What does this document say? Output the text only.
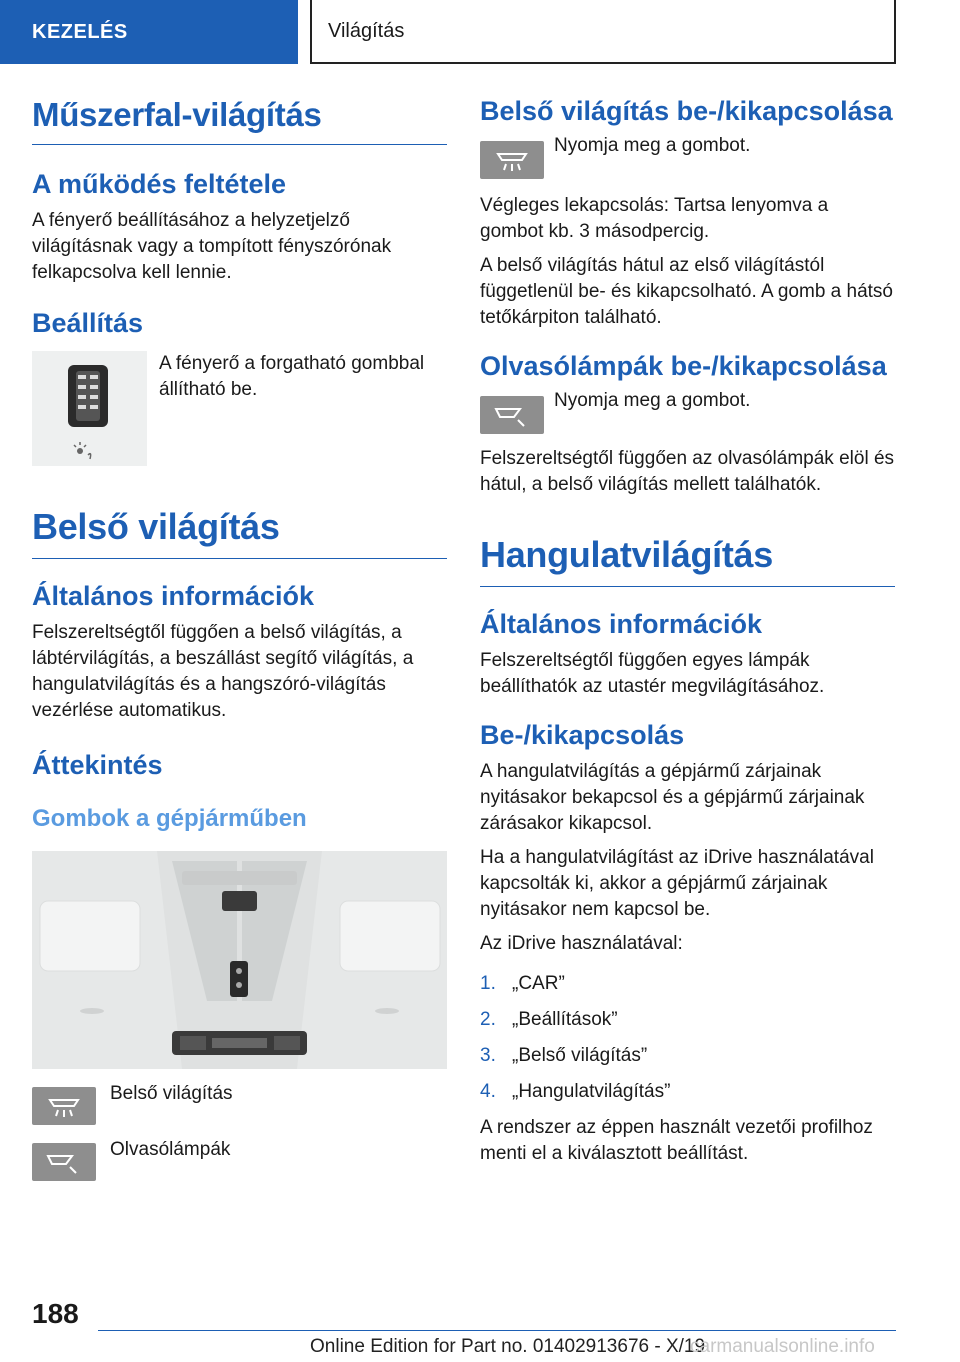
KEZELÉS	Világítás
Műszerfal-világítás
A működés feltétele

A fényerő beállításához a helyzetjelző világításnak vagy a tompított fényszórónak felkapcsolva kell lennie.

Beállítás
A fényerő a forgatható gombbal állítható be.
Belső világítás
Általános információk

Felszereltségtől függően a belső világítás, a lábtérvilágítás, a beszállást segítő világítás, a hangulatvilágítás és a hangszóró-világítás vezérlése automatikus.

Áttekintés
Gombok a gépjárműben
Belső világítás
Olvasólámpák
Belső világítás be-/kikapcsolása
Nyomja meg a gombot.

Végleges lekapcsolás: Tartsa lenyomva a gombot kb. 3 másodpercig.

A belső világítás hátul az első világítástól függetlenül be- és kikapcsolható. A gomb a hátsó tetőkárpiton található.

Olvasólámpák be-/kikapcsolása
Nyomja meg a gombot.

Felszereltségtől függően az olvasólámpák elöl és hátul, a belső világítás mellett találhatók.

Hangulatvilágítás
Általános információk

Felszereltségtől függően egyes lámpák beállíthatók az utastér megvilágításához.

Be-/kikapcsolás

A hangulatvilágítás a gépjármű zárjainak nyitásakor bekapcsol és a gépjármű zárjainak zárásakor kikapcsol.

Ha a hangulatvilágítást az iDrive használatával kapcsolták ki, akkor a gépjármű zárjainak nyitásakor nem kapcsol be.

Az iDrive használatával:

1. „CAR”
2. „Beállítások”
3. „Belső világítás”
4. „Hangulatvilágítás”

A rendszer az éppen használt vezetői profilhoz menti el a kiválasztott beállítást.

188
Online Edition for Part no. 01402913676 - X/19
carmanualsonline.info
